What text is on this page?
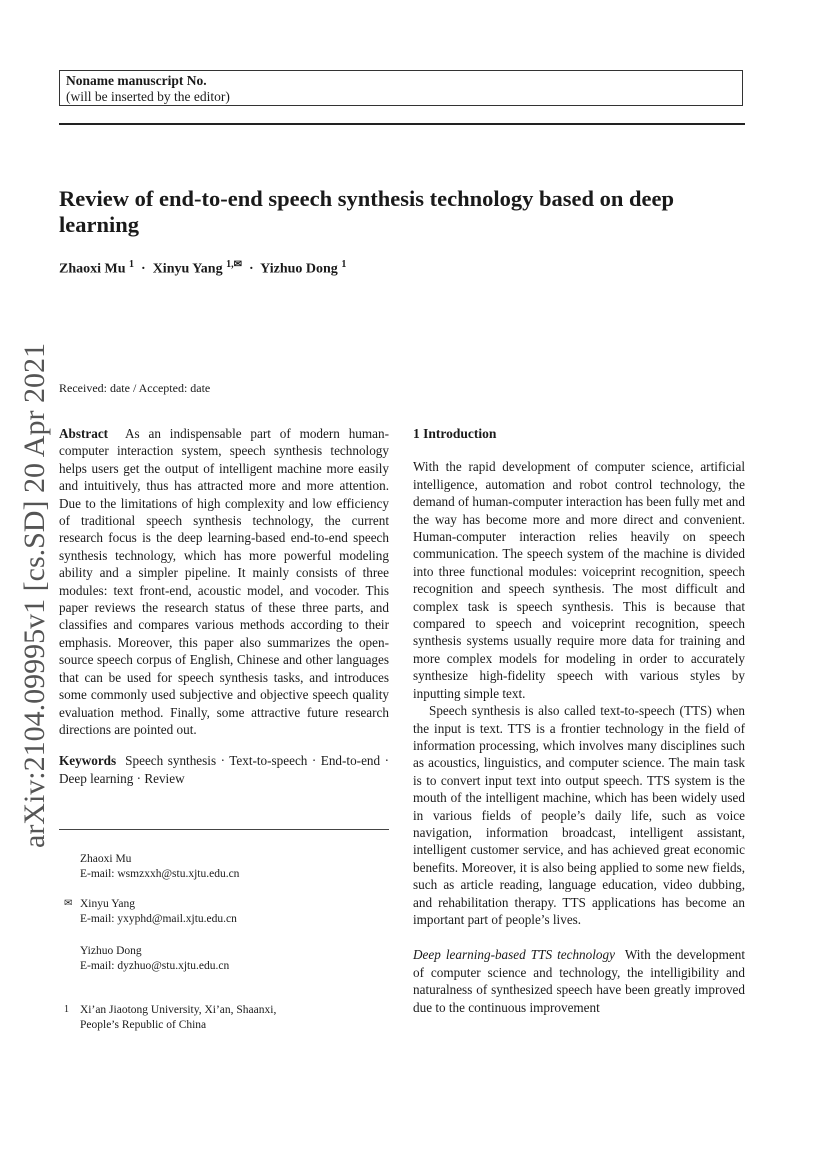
Noname manuscript No.
(will be inserted by the editor)
Review of end-to-end speech synthesis technology based on deep learning
Zhaoxi Mu $^1$ · Xinyu Yang $^{1,✉}$ · Yizhuo Dong $^1$
arXiv:2104.09995v1 [cs.SD] 20 Apr 2021 Received: date / Accepted: date

Abstract As an indispensable part of modern human-computer interaction system, speech synthesis technology helps users get the output of intelligent machine more easily and intuitively, thus has attracted more and more attention. Due to the limitations of high complexity and low efficiency of traditional speech synthesis technology, the current research focus is the deep learning-based end-to-end speech synthesis technology, which has more powerful modeling ability and a simpler pipeline. It mainly consists of three modules: text front-end, acoustic model, and vocoder. This paper reviews the research status of these three parts, and classifies and compares various methods according to their emphasis. Moreover, this paper also summarizes the open-source speech corpus of English, Chinese and other languages that can be used for speech synthesis tasks, and introduces some commonly used subjective and objective speech quality evaluation method. Finally, some attractive future research directions are pointed out.

Keywords Speech synthesis · Text-to-speech · End-to-end · Deep learning · Review

Zhaoxi Mu
E-mail: wsmzxxh@stu.xjtu.edu.cn
✉ Xinyu Yang
E-mail: yxyphd@mail.xjtu.edu.cn
Yizhuo Dong
E-mail: dyzhuo@stu.xjtu.edu.cn
1 Xi’an Jiaotong University, Xi’an, Shaanxi,
People’s Republic of China
1 Introduction

With the rapid development of computer science, artificial intelligence, automation and robot control technology, the demand of human-computer interaction has been fully met and the way has become more and more direct and convenient. Human-computer interaction relies heavily on speech communication. The speech system of the machine is divided into three functional modules: voiceprint recognition, speech recognition and speech synthesis. The most difficult and complex task is speech synthesis. This is because that compared to speech and voiceprint recognition, speech synthesis systems usually require more data for training and more complex models for modeling in order to accurately synthesize high-fidelity speech with various styles by inputting simple text.

Speech synthesis is also called text-to-speech (TTS) when the input is text. TTS is a frontier technology in the field of information processing, which involves many disciplines such as acoustics, linguistics, and computer science. The main task is to convert input text into output speech. TTS system is the mouth of the intelligent machine, which has been widely used in various fields of people’s daily life, such as voice navigation, information broadcast, intelligent assistant, intelligent customer service, and has achieved great economic benefits. Moreover, it is also being applied to some new fields, such as article reading, language education, video dubbing, and rehabilitation therapy. TTS applications has become an important part of people’s lives.

Deep learning-based TTS technology With the development of computer science and technology, the intelligibility and naturalness of synthesized speech have been greatly improved due to the continuous improvement
